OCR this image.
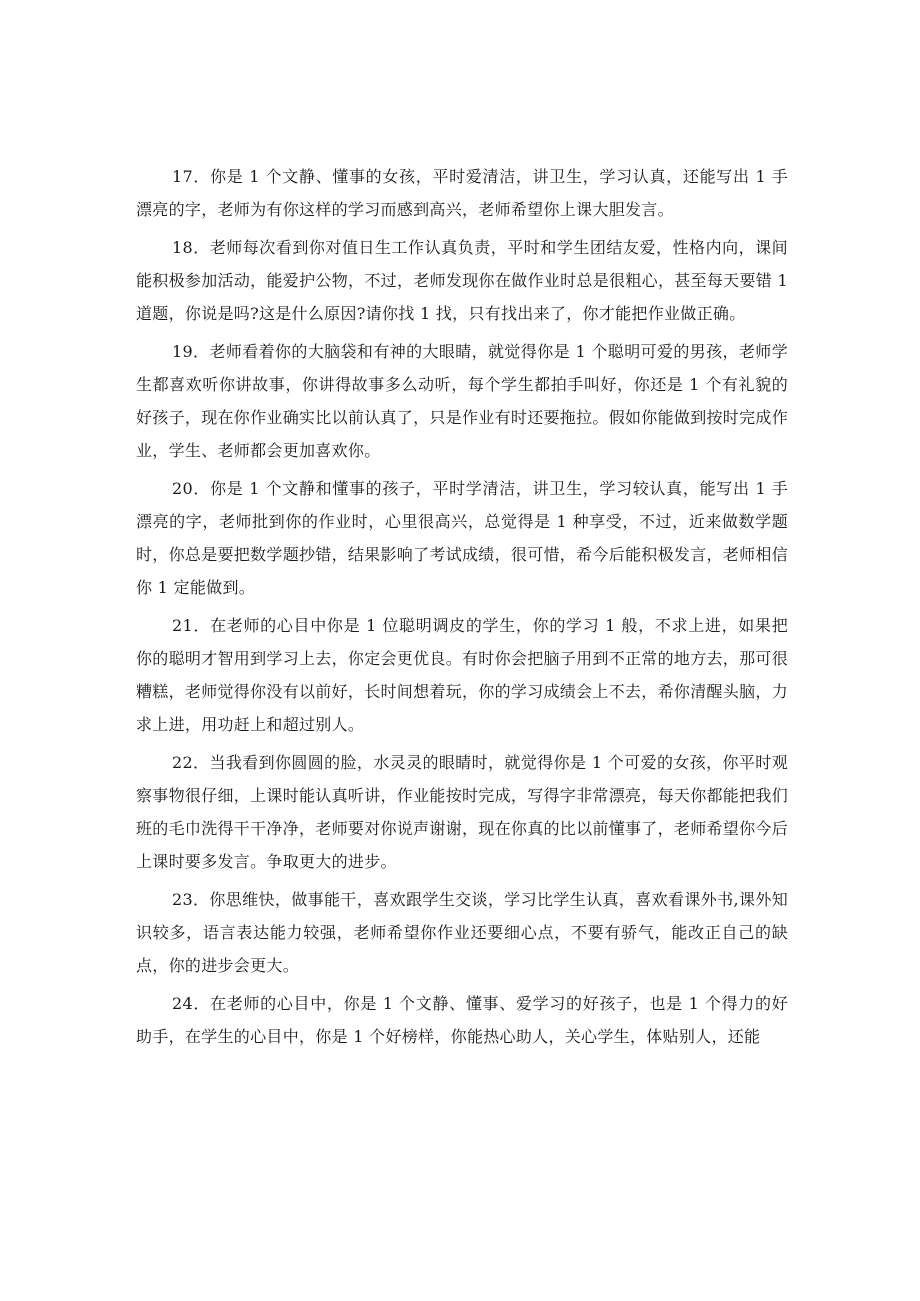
17．你是 1 个文静、懂事的女孩，平时爱清洁，讲卫生，学习认真，还能写出 1 手漂亮的字，老师为有你这样的学习而感到高兴，老师希望你上课大胆发言。

18．老师每次看到你对值日生工作认真负责，平时和学生团结友爱，性格内向，课间能积极参加活动，能爱护公物，不过，老师发现你在做作业时总是很粗心，甚至每天要错 1 道题，你说是吗?这是什么原因?请你找 1 找，只有找出来了，你才能把作业做正确。

19．老师看着你的大脑袋和有神的大眼睛，就觉得你是 1 个聪明可爱的男孩，老师学生都喜欢听你讲故事，你讲得故事多么动听，每个学生都拍手叫好，你还是 1 个有礼貌的好孩子，现在你作业确实比以前认真了，只是作业有时还要拖拉。假如你能做到按时完成作业，学生、老师都会更加喜欢你。

20．你是 1 个文静和懂事的孩子，平时学清洁，讲卫生，学习较认真，能写出 1 手漂亮的字，老师批到你的作业时，心里很高兴，总觉得是 1 种享受，不过，近来做数学题时，你总是要把数学题抄错，结果影响了考试成绩，很可惜，希今后能积极发言，老师相信你 1 定能做到。

21．在老师的心目中你是 1 位聪明调皮的学生，你的学习 1 般，不求上进，如果把你的聪明才智用到学习上去，你定会更优良。有时你会把脑子用到不正常的地方去，那可很糟糕，老师觉得你没有以前好，长时间想着玩，你的学习成绩会上不去，希你清醒头脑，力求上进，用功赶上和超过别人。

22．当我看到你圆圆的脸，水灵灵的眼睛时，就觉得你是 1 个可爱的女孩，你平时观察事物很仔细，上课时能认真听讲，作业能按时完成，写得字非常漂亮，每天你都能把我们班的毛巾洗得干干净净，老师要对你说声谢谢，现在你真的比以前懂事了，老师希望你今后上课时要多发言。争取更大的进步。

23．你思维快，做事能干，喜欢跟学生交谈，学习比学生认真，喜欢看课外书,课外知识较多，语言表达能力较强，老师希望你作业还要细心点，不要有骄气，能改正自己的缺点，你的进步会更大。

24．在老师的心目中，你是 1 个文静、懂事、爱学习的好孩子，也是 1 个得力的好助手，在学生的心目中，你是 1 个好榜样，你能热心助人，关心学生，体贴别人，还能
